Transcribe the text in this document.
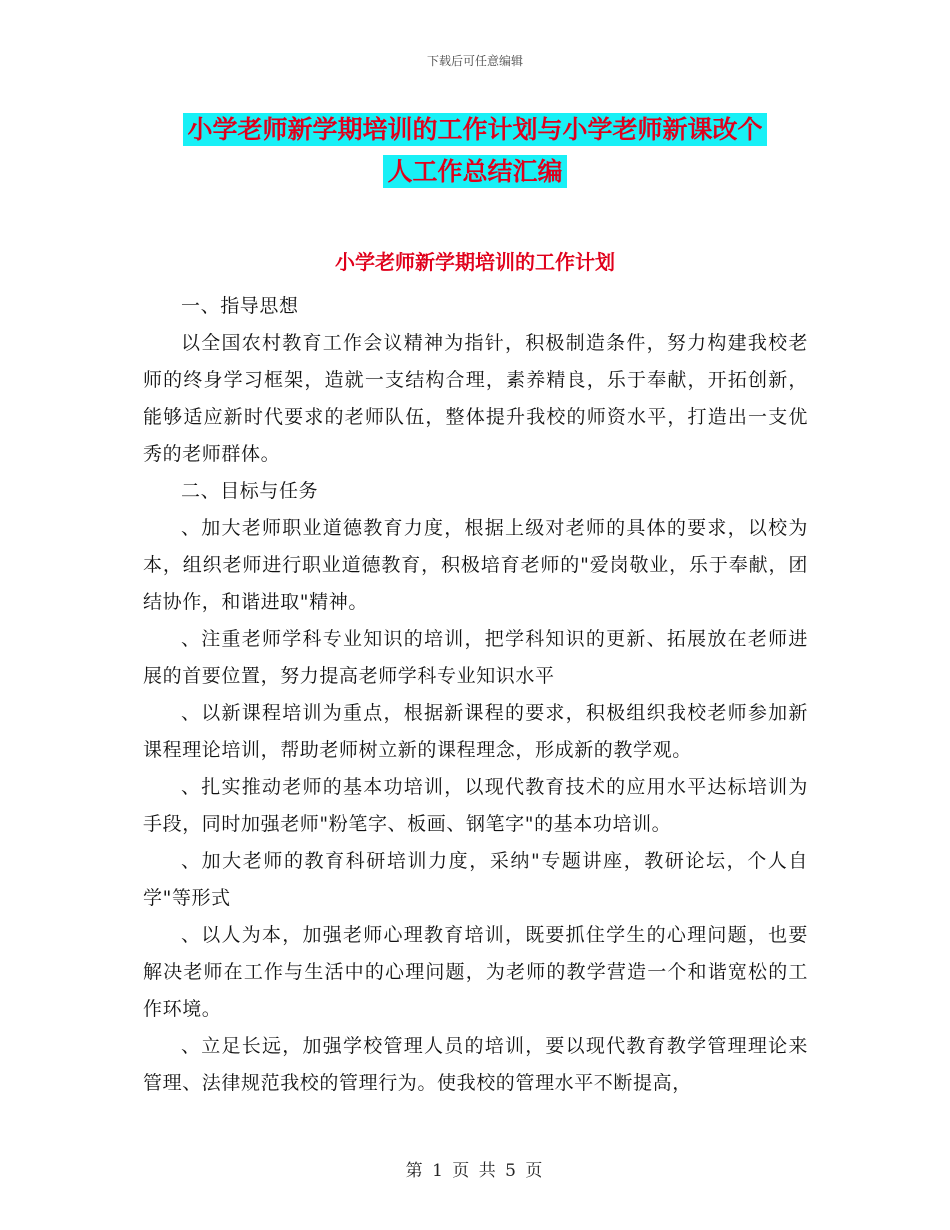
下载后可任意编辑
小学老师新学期培训的工作计划与小学老师新课改个
人工作总结汇编
小学老师新学期培训的工作计划

一、指导思想

以全国农村教育工作会议精神为指针，积极制造条件，努力构建我校老师的终身学习框架，造就一支结构合理，素养精良，乐于奉献，开拓创新，能够适应新时代要求的老师队伍，整体提升我校的师资水平，打造出一支优秀的老师群体。

二、目标与任务

、加大老师职业道德教育力度，根据上级对老师的具体的要求，以校为本，组织老师进行职业道德教育，积极培育老师的"爱岗敬业，乐于奉献，团结协作，和谐进取"精神。

、注重老师学科专业知识的培训，把学科知识的更新、拓展放在老师进展的首要位置，努力提高老师学科专业知识水平

、以新课程培训为重点，根据新课程的要求，积极组织我校老师参加新课程理论培训，帮助老师树立新的课程理念，形成新的教学观。

、扎实推动老师的基本功培训，以现代教育技术的应用水平达标培训为手段，同时加强老师"粉笔字、板画、钢笔字"的基本功培训。

、加大老师的教育科研培训力度，采纳"专题讲座，教研论坛，个人自学"等形式

、以人为本，加强老师心理教育培训，既要抓住学生的心理问题，也要解决老师在工作与生活中的心理问题，为老师的教学营造一个和谐宽松的工作环境。

、立足长远，加强学校管理人员的培训，要以现代教育教学管理理论来管理、法律规范我校的管理行为。使我校的管理水平不断提高，

第 1 页 共 5 页
